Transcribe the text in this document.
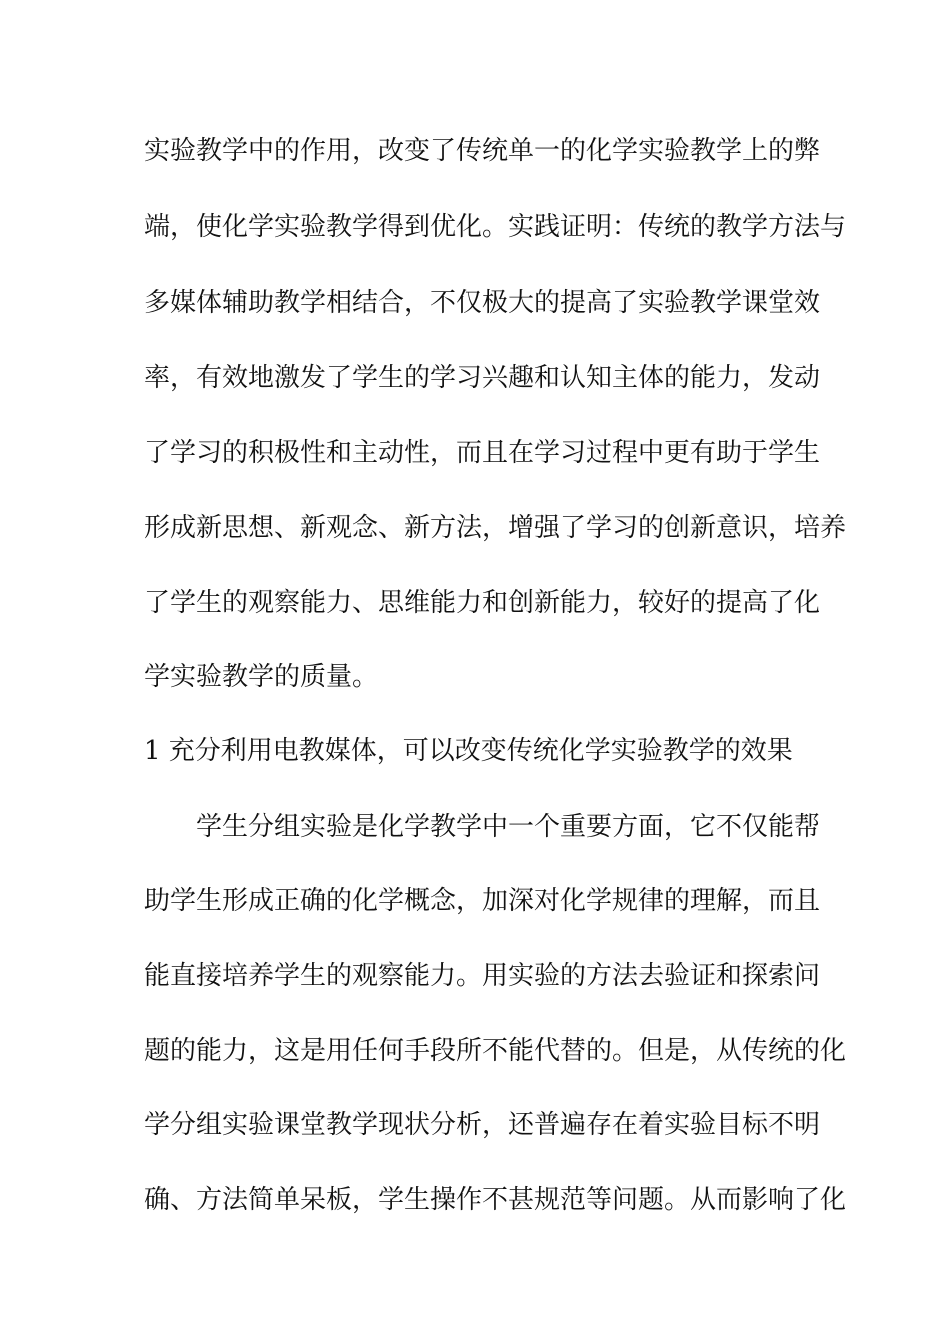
实验教学中的作用，改变了传统单一的化学实验教学上的弊
端，使化学实验教学得到优化。实践证明：传统的教学方法与
多媒体辅助教学相结合，不仅极大的提高了实验教学课堂效
率，有效地激发了学生的学习兴趣和认知主体的能力，发动
了学习的积极性和主动性，而且在学习过程中更有助于学生
形成新思想、新观念、新方法，增强了学习的创新意识，培养
了学生的观察能力、思维能力和创新能力，较好的提高了化
学实验教学的质量。
1 充分利用电教媒体，可以改变传统化学实验教学的效果
学生分组实验是化学教学中一个重要方面，它不仅能帮
助学生形成正确的化学概念，加深对化学规律的理解，而且
能直接培养学生的观察能力。用实验的方法去验证和探索问
题的能力，这是用任何手段所不能代替的。但是，从传统的化
学分组实验课堂教学现状分析，还普遍存在着实验目标不明
确、方法简单呆板，学生操作不甚规范等问题。从而影响了化
